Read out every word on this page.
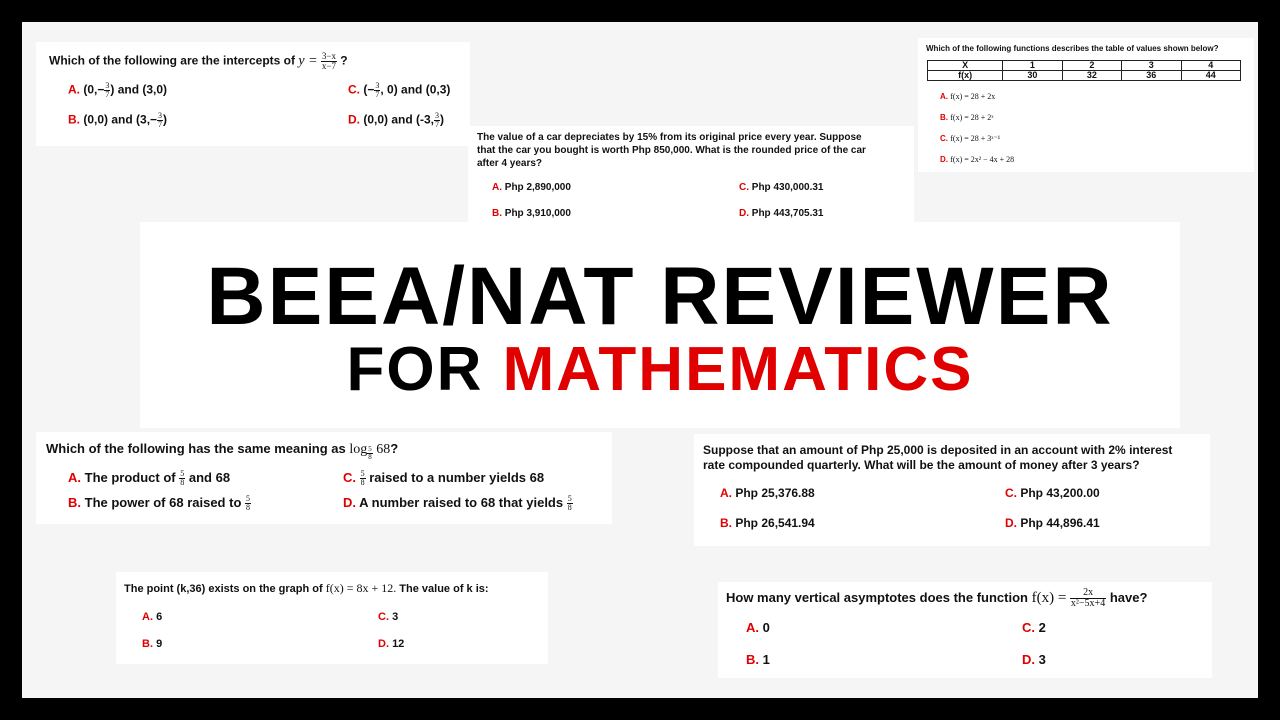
Which of the following are the intercepts of $y = \frac{3-x}{x-7}$ ?
A. ($0,- \frac{3}{7}$ ) and (3,0)
B. (0,0) and ($3,- \frac{3}{7}$ )
C. (− $\frac{3}{7}$ , 0) and (0,3)
D. (0,0) and (-3, $\frac{3}{7}$ )
The value of a car depreciates by 15% from its original price every year. Suppose
that the car you bought is worth Php 850,000. What is the rounded price of the car
after 4 years?
A. Php 2,890,000
B. Php 3,910,000
C. Php 430,000.31
D. Php 443,705.31
Which of the following functions describes the table of values shown below?
X	1	2	3	4
f(x)	30	32	36	44
A. f(x) = 28 + 2x
B. f(x) = 28 + 2ˣ
C. f(x) = 28 + 3ˣ⁻¹
D. f(x) = 2x² − 4x + 28
BEEA/NAT REVIEWER
FOR MATHEMATICS
Which of the following has the same meaning as $\log \frac{5}{8} 68$?
A. The product of $\frac{5}{8}$ and 68
B. The power of 68 raised to $\frac{5}{8}$
C. $\frac{5}{8}$ raised to a number yields 68
D. A number raised to 68 that yields $\frac{5}{8}$
Suppose that an amount of Php 25,000 is deposited in an account with 2% interest
rate compounded quarterly. What will be the amount of money after 3 years?
A. Php 25,376.88
B. Php 26,541.94
C. Php 43,200.00
D. Php 44,896.41
The point (k,36) exists on the graph of f(x) = 8x + 12. The value of k is:
A. 6
B. 9
C. 3
D. 12
How many vertical asymptotes does the function $f(x) = \frac{2x}{\text{x²−5x+4}}$ have?
A. 0
B. 1
C. 2
D. 3
